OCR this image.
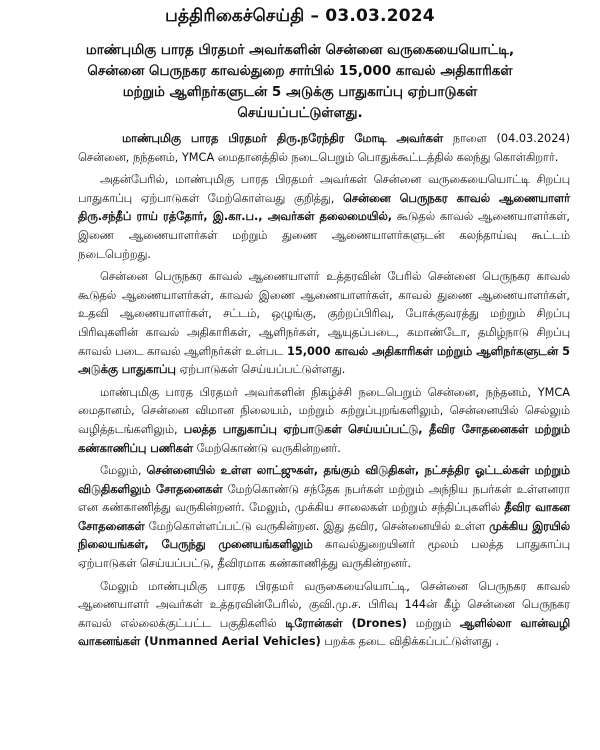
பத்திரிகைச்செய்தி – 03.03.2024
மாண்புமிகு பாரத பிரதமர் அவர்களின் சென்னை வருகையையொட்டி,
சென்னை பெருநகர காவல்துறை சார்பில் 15,000 காவல் அதிகாரிகள்
மற்றும் ஆளிநர்களுடன் 5 அடுக்கு பாதுகாப்பு ஏற்பாடுகள்
செய்யப்பட்டுள்ளது.

மாண்புமிகு பாரத பிரதமர் திரு.நரேந்திர மோடி அவர்கள் நாளை (04.03.2024) சென்னை, நந்தனம், YMCA மைதானத்தில் நடைபெறும் பொதுக்கூட்டத்தில் கலந்து கொள்கிறார்.

அதன்பேரில், மாண்புமிகு பாரத பிரதமர் அவர்கள் சென்னை வருகையையொட்டி சிறப்பு பாதுகாப்பு ஏற்பாடுகள் மேற்கொள்வது குறித்து, சென்னை பெருநகர காவல் ஆணையாளர் திரு.சந்தீப் ராய் ரத்தோர், இ.கா.ப., அவர்கள் தலைமையில், கூடுதல் காவல் ஆணையாளர்கள், இணை ஆணையாளர்கள் மற்றும் துணை ஆணையாளர்களுடன் கலந்தாய்வு கூட்டம் நடைபெற்றது.

சென்னை பெருநகர காவல் ஆணையாளர் உத்தரவின் பேரில் சென்னை பெருநகர காவல் கூடுதல் ஆணையாளர்கள், காவல் இணை ஆணையாளர்கள், காவல் துணை ஆணையாளர்கள், உதவி ஆணையாளர்கள், சட்டம், ஒழுங்கு, குற்றப்பிரிவு, போக்குவரத்து மற்றும் சிறப்பு பிரிவுகளின் காவல் அதிகாரிகள், ஆளிநர்கள், ஆயுதப்படை, கமாண்டோ, தமிழ்நாடு சிறப்பு காவல் படை காவல் ஆளிநர்கள் உள்பட 15,000 காவல் அதிகாரிகள் மற்றும் ஆளிநர்களுடன் 5 அடுக்கு பாதுகாப்பு ஏற்பாடுகள் செய்யப்பட்டுள்ளது.

மாண்புமிகு பாரத பிரதமர் அவர்களின் நிகழ்ச்சி நடைபெறும் சென்னை, நந்தனம், YMCA மைதானம், சென்னை விமான நிலையம், மற்றும் சுற்றுப்புறங்களிலும், சென்னையில் செல்லும் வழித்தடங்களிலும், பலத்த பாதுகாப்பு ஏற்பாடுகள் செய்யப்பட்டு, தீவிர சோதனைகள் மற்றும் கண்காணிப்பு பணிகள் மேற்கொண்டு வருகின்றனர்.

மேலும், சென்னையில் உள்ள லாட்ஜுகள், தங்கும் விடுதிகள், நட்சத்திர ஓட்டல்கள் மற்றும் விடுதிகளிலும் சோதனைகள் மேற்கொண்டு சந்தேக நபர்கள் மற்றும் அந்நிய நபர்கள் உள்ளனரா என கண்காணித்து வருகின்றனர். மேலும், முக்கிய சாலைகள் மற்றும் சந்திப்புகளில் தீவிர வாகன சோதனைகள் மேற்கொள்ளப்பட்டு வருகின்றன. இது தவிர, சென்னையில் உள்ள முக்கிய இரயில் நிலையங்கள், பேருந்து முனையங்களிலும் காவல்துறையினர் மூலம் பலத்த பாதுகாப்பு ஏற்பாடுகள் செய்யப்பட்டு, தீவிரமாக கண்காணித்து வருகின்றனர்.

மேலும் மாண்புமிகு பாரத பிரதமர் வருகையையொட்டி, சென்னை பெருநகர காவல் ஆணையாளர் அவர்கள் உத்தரவின்பேரில், குவி.மு.ச. பிரிவு 144ன் கீழ் சென்னை பெருநகர காவல் எல்லைக்குட்பட்ட பகுதிகளில் டிரோன்கள் (Drones) மற்றும் ஆளில்லா வான்வழி வாகனங்கள் (Unmanned Aerial Vehicles) பறக்க தடை விதிக்கப்பட்டுள்ளது .
